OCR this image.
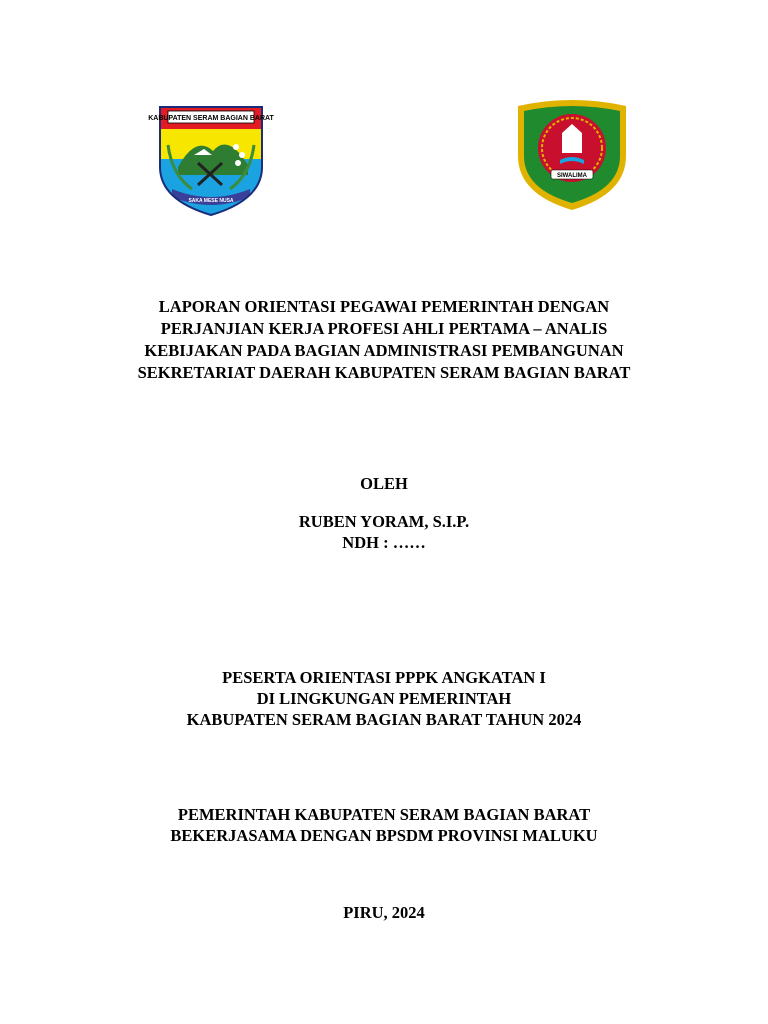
KABUPATEN SERAM BAGIAN BARAT
SAKA MESE NUSA
SIWALIMA
LAPORAN ORIENTASI PEGAWAI PEMERINTAH DENGAN
PERJANJIAN KERJA PROFESI AHLI PERTAMA – ANALIS
KEBIJAKAN PADA BAGIAN ADMINISTRASI PEMBANGUNAN
SEKRETARIAT DAERAH KABUPATEN SERAM BAGIAN BARAT
OLEH
RUBEN YORAM, S.I.P.
NDH : ……
PESERTA ORIENTASI PPPK ANGKATAN I
DI LINGKUNGAN PEMERINTAH
KABUPATEN SERAM BAGIAN BARAT TAHUN 2024
PEMERINTAH KABUPATEN SERAM BAGIAN BARAT
BEKERJASAMA DENGAN BPSDM PROVINSI MALUKU
PIRU, 2024
